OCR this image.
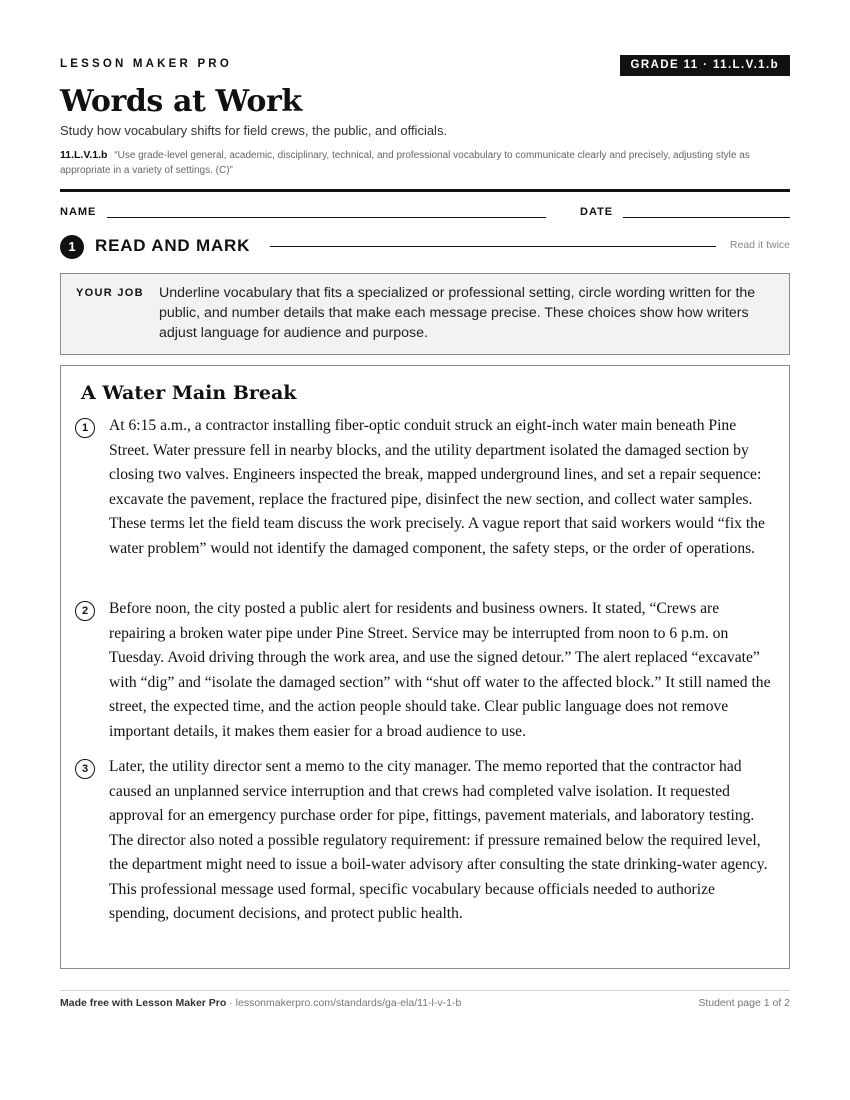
LESSON MAKER PRO	GRADE 11 · 11.L.V.1.b
Words at Work
Study how vocabulary shifts for field crews, the public, and officials.
11.L.V.1.b “Use grade-level general, academic, disciplinary, technical, and professional vocabulary to communicate clearly and precisely, adjusting style as appropriate in a variety of settings. (C)”
NAME	DATE
1	READ AND MARK	Read it twice
YOUR JOB Underline vocabulary that fits a specialized or professional setting, circle wording written for the public, and number details that make each message precise. These choices show how writers adjust language for audience and purpose.
A Water Main Break
1	At 6:15 a.m., a contractor installing fiber-optic conduit struck an eight-inch water main beneath Pine Street. Water pressure fell in nearby blocks, and the utility department isolated the damaged section by closing two valves. Engineers inspected the break, mapped underground lines, and set a repair sequence: excavate the pavement, replace the fractured pipe, disinfect the new section, and collect water samples. These terms let the field team discuss the work precisely. A vague report that said workers would “fix the water problem” would not identify the damaged component, the safety steps, or the order of operations.

2	Before noon, the city posted a public alert for residents and business owners. It stated, “Crews are repairing a broken water pipe under Pine Street. Service may be interrupted from noon to 6 p.m. on Tuesday. Avoid driving through the work area, and use the signed detour.” The alert replaced “excavate” with “dig” and “isolate the damaged section” with “shut off water to the affected block.” It still named the street, the expected time, and the action people should take. Clear public language does not remove important details, it makes them easier for a broad audience to use.

3	Later, the utility director sent a memo to the city manager. The memo reported that the contractor had caused an unplanned service interruption and that crews had completed valve isolation. It requested approval for an emergency purchase order for pipe, fittings, pavement materials, and laboratory testing. The director also noted a possible regulatory requirement: if pressure remained below the required level, the department might need to issue a boil-water advisory after consulting the state drinking-water agency. This professional message used formal, specific vocabulary because officials needed to authorize spending, document decisions, and protect public health.

Made free with Lesson Maker Pro · lessonmakerpro.com/standards/ga-ela/11-l-v-1-b	Student page 1 of 2
